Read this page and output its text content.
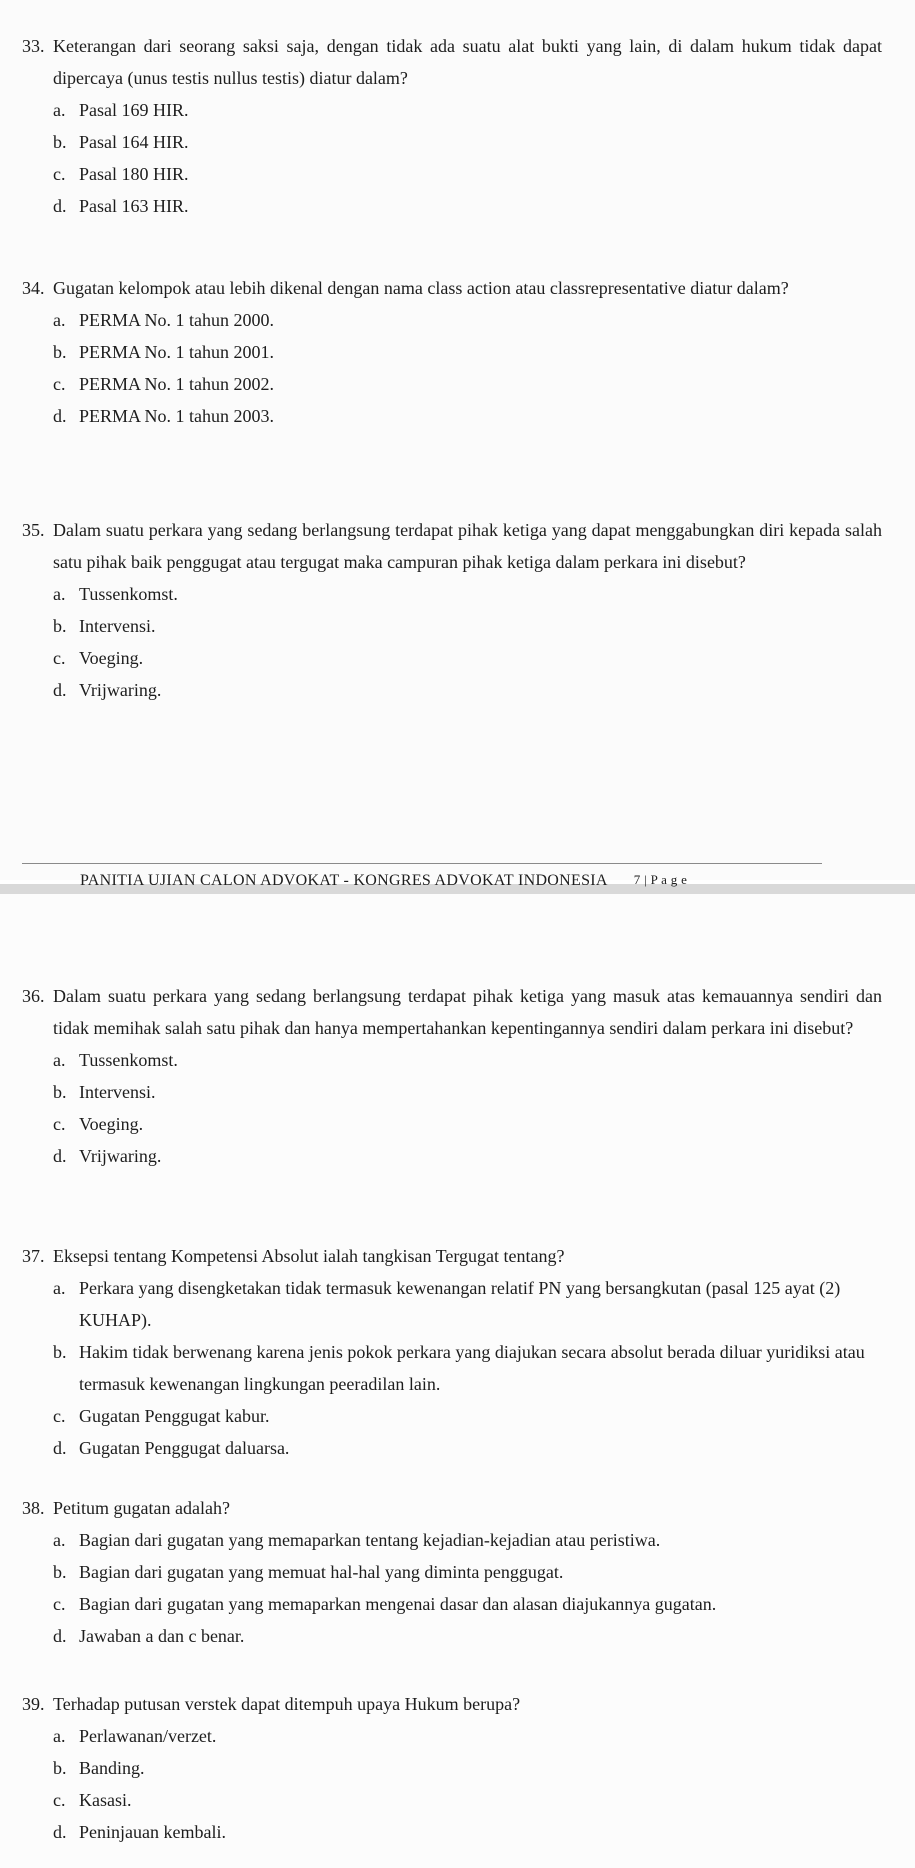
33. Keterangan dari seorang saksi saja, dengan tidak ada suatu alat bukti yang lain, di dalam hukum tidak dapat dipercaya (unus testis nullus testis) diatur dalam?
a. Pasal 169 HIR.
b. Pasal 164 HIR.
c. Pasal 180 HIR.
d. Pasal 163 HIR.
34. Gugatan kelompok atau lebih dikenal dengan nama class action atau classrepresentative diatur dalam?
a. PERMA No. 1 tahun 2000.
b. PERMA No. 1 tahun 2001.
c. PERMA No. 1 tahun 2002.
d. PERMA No. 1 tahun 2003.
35. Dalam suatu perkara yang sedang berlangsung terdapat pihak ketiga yang dapat menggabungkan diri kepada salah satu pihak baik penggugat atau tergugat maka campuran pihak ketiga dalam perkara ini disebut?
a. Tussenkomst.
b. Intervensi.
c. Voeging.
d. Vrijwaring.
PANITIA UJIAN CALON ADVOKAT - KONGRES ADVOKAT INDONESIA 7 | P a g e
36. Dalam suatu perkara yang sedang berlangsung terdapat pihak ketiga yang masuk atas kemauannya sendiri dan tidak memihak salah satu pihak dan hanya mempertahankan kepentingannya sendiri dalam perkara ini disebut?
a. Tussenkomst.
b. Intervensi.
c. Voeging.
d. Vrijwaring.
37. Eksepsi tentang Kompetensi Absolut ialah tangkisan Tergugat tentang?
a. Perkara yang disengketakan tidak termasuk kewenangan relatif PN yang bersangkutan (pasal 125 ayat (2) KUHAP).
b. Hakim tidak berwenang karena jenis pokok perkara yang diajukan secara absolut berada diluar yuridiksi atau termasuk kewenangan lingkungan peeradilan lain.
c. Gugatan Penggugat kabur.
d. Gugatan Penggugat daluarsa.
38. Petitum gugatan adalah?
a. Bagian dari gugatan yang memaparkan tentang kejadian-kejadian atau peristiwa.
b. Bagian dari gugatan yang memuat hal-hal yang diminta penggugat.
c. Bagian dari gugatan yang memaparkan mengenai dasar dan alasan diajukannya gugatan.
d. Jawaban a dan c benar.
39. Terhadap putusan verstek dapat ditempuh upaya Hukum berupa?
a. Perlawanan/verzet.
b. Banding.
c. Kasasi.
d. Peninjauan kembali.
